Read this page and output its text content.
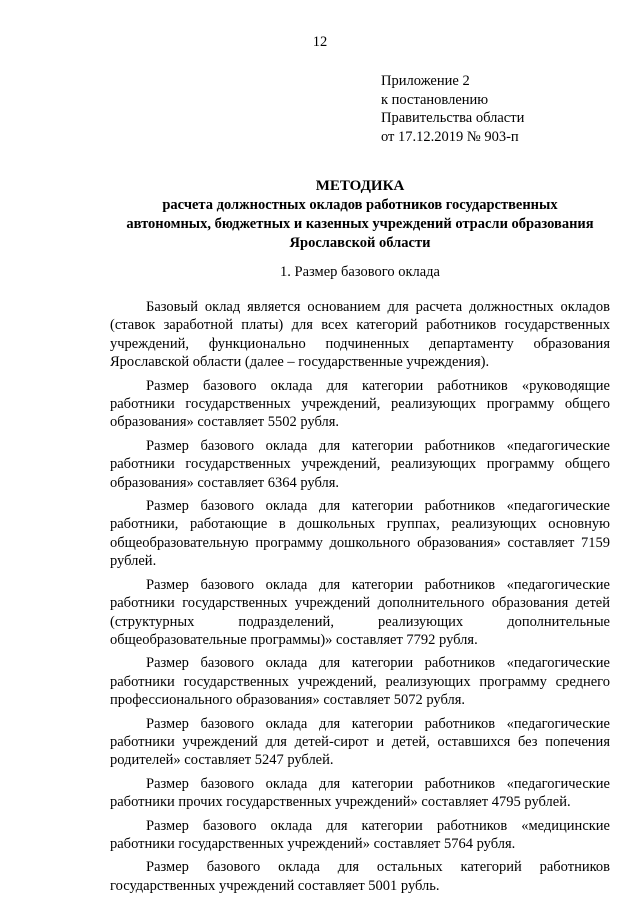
12
Приложение 2
к постановлению
Правительства области
от 17.12.2019 № 903-п
МЕТОДИКА
расчета должностных окладов работников государственных
автономных, бюджетных и казенных учреждений отрасли образования
Ярославской области
1. Размер базового оклада

Базовый оклад является основанием для расчета должностных окладов (ставок заработной платы) для всех категорий работников государственных учреждений, функционально подчиненных департаменту образования Ярославской области (далее – государственные учреждения).

Размер базового оклада для категории работников «руководящие работники государственных учреждений, реализующих программу общего образования» составляет 5502 рубля.

Размер базового оклада для категории работников «педагогические работники государственных учреждений, реализующих программу общего образования» составляет 6364 рубля.

Размер базового оклада для категории работников «педагогические работники, работающие в дошкольных группах, реализующих основную общеобразовательную программу дошкольного образования» составляет 7159 рублей.

Размер базового оклада для категории работников «педагогические работники государственных учреждений дополнительного образования детей (структурных подразделений, реализующих дополнительные общеобразовательные программы)» составляет 7792 рубля.

Размер базового оклада для категории работников «педагогические работники государственных учреждений, реализующих программу среднего профессионального образования» составляет 5072 рубля.

Размер базового оклада для категории работников «педагогические работники учреждений для детей-сирот и детей, оставшихся без попечения родителей» составляет 5247 рублей.

Размер базового оклада для категории работников «педагогические работники прочих государственных учреждений» составляет 4795 рублей.

Размер базового оклада для категории работников «медицинские работники государственных учреждений» составляет 5764 рубля.

Размер базового оклада для остальных категорий работников государственных учреждений составляет 5001 рубль.
